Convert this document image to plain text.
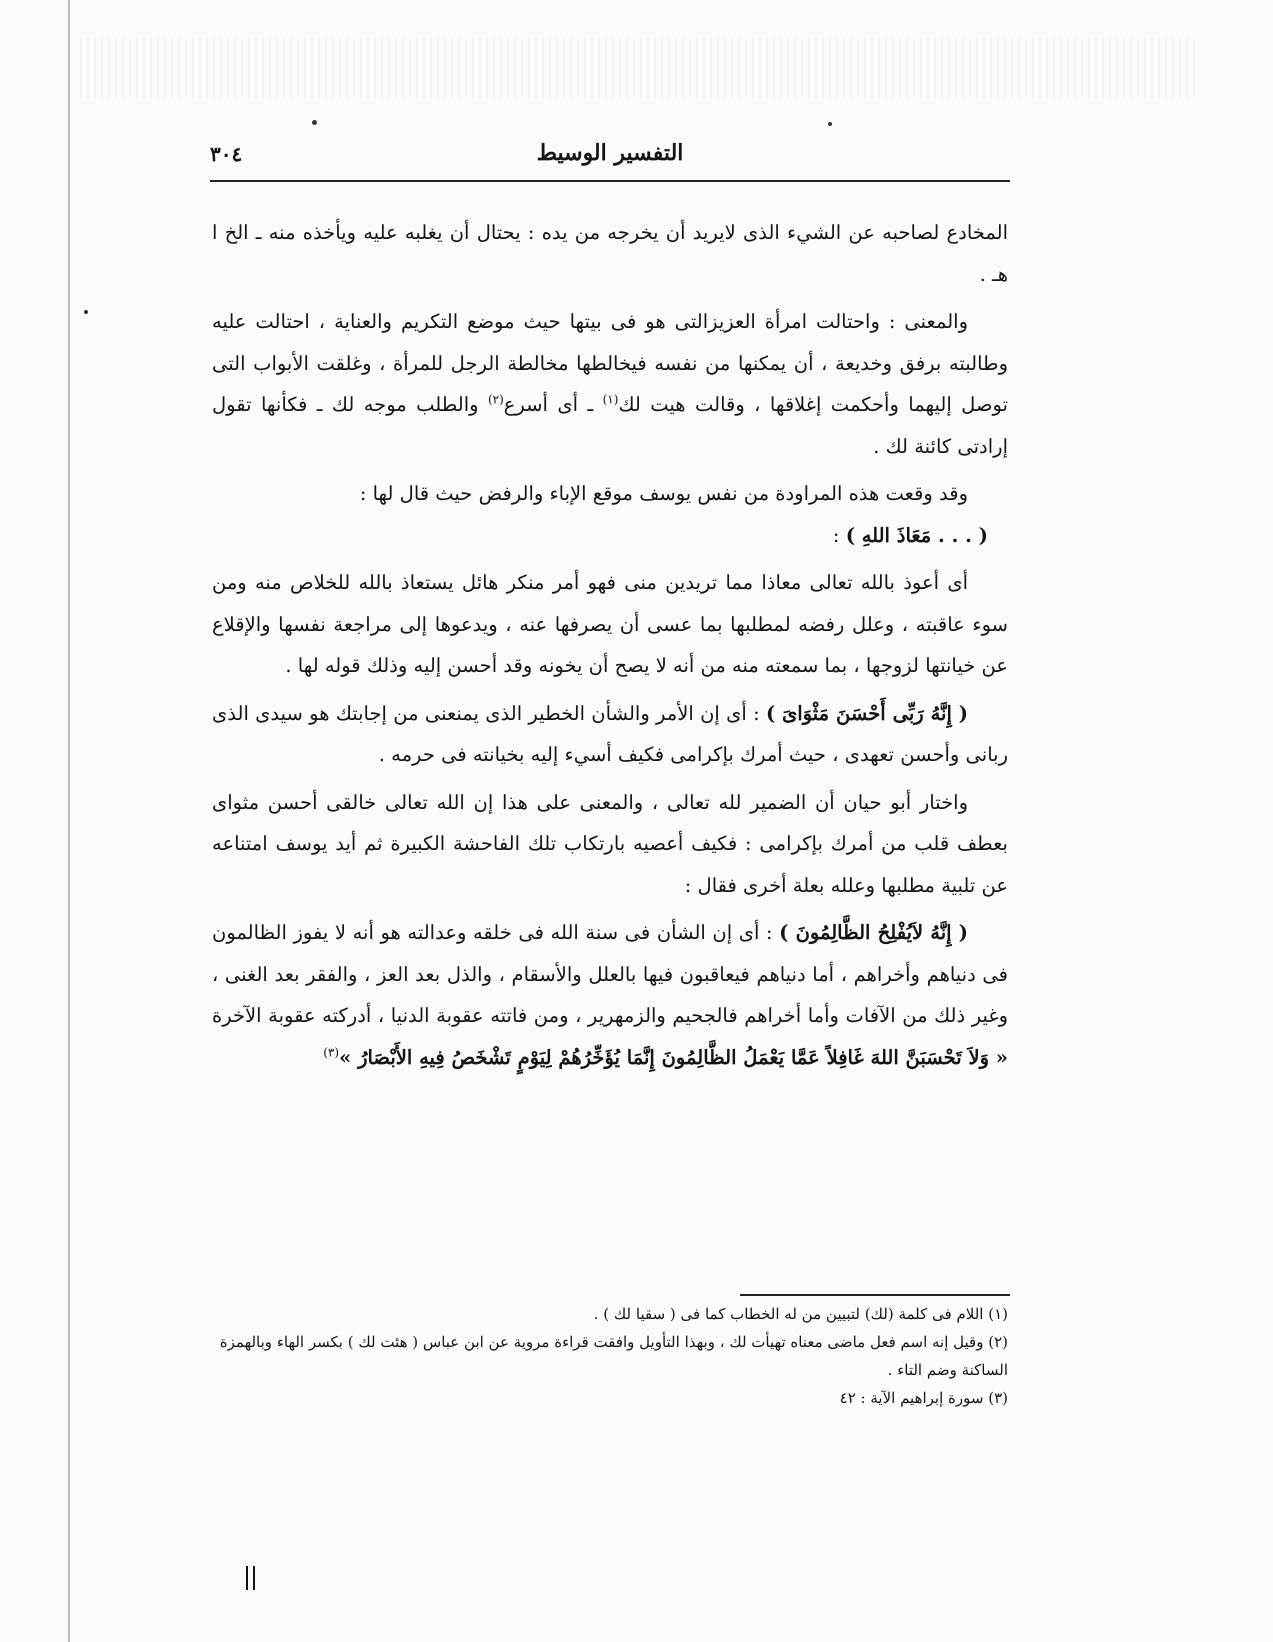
٣٠٤	التفسير الوسيط

المخادع لصاحبه عن الشيء الذى لايريد أن يخرجه من يده : يحتال أن يغلبه عليه ويأخذه منه ـ الخ ا هـ .

والمعنى : واحتالت امرأة العزيزالتى هو فى بيتها حيث موضع التكريم والعناية ، احتالت عليه وطالبته برفق وخديعة ، أن يمكنها من نفسه فيخالطها مخالطة الرجل للمرأة ، وغلقت الأبواب التى توصل إليهما وأحكمت إغلاقها ، وقالت هيت لك$^{(١)}$ ـ أى أسرع$^{(٢)}$ والطلب موجه لك ـ فكأنها تقول إرادتى كائنة لك .

وقد وقعت هذه المراودة من نفس يوسف موقع الإباء والرفض حيث قال لها :

( . . . مَعَاذَ اللهِ ) :

أى أعوذ بالله تعالى معاذا مما تريدين منى فهو أمر منكر هائل يستعاذ بالله للخلاص منه ومن سوء عاقبته ، وعلل رفضه لمطلبها بما عسى أن يصرفها عنه ، ويدعوها إلى مراجعة نفسها والإقلاع عن خيانتها لزوجها ، بما سمعته منه من أنه لا يصح أن يخونه وقد أحسن إليه وذلك قوله لها .

( إِنَّهُ رَبِّى أَحْسَنَ مَثْوَاىَ ) : أى إن الأمر والشأن الخطير الذى يمنعنى من إجابتك هو سيدى الذى ربانى وأحسن تعهدى ، حيث أمرك بإكرامى فكيف أسيء إليه بخيانته فى حرمه .

واختار أبو حيان أن الضمير لله تعالى ، والمعنى على هذا إن الله تعالى خالقى أحسن مثواى بعطف قلب من أمرك بإكرامى : فكيف أعصيه بارتكاب تلك الفاحشة الكبيرة ثم أيد يوسف امتناعه عن تلبية مطلبها وعلله بعلة أخرى فقال :

( إِنَّهُ لاَيُفْلِحُ الظَّالِمُونَ ) : أى إن الشأن فى سنة الله فى خلقه وعدالته هو أنه لا يفوز الظالمون فى دنياهم وأخراهم ، أما دنياهم فيعاقبون فيها بالعلل والأسقام ، والذل بعد العز ، والفقر بعد الغنى ، وغير ذلك من الآفات وأما أخراهم فالجحيم والزمهرير ، ومن فاتته عقوبة الدنيا ، أدركته عقوبة الآخرة « وَلاَ تَحْسَبَنَّ اللهَ غَافِلاً عَمَّا يَعْمَلُ الظَّالِمُونَ إِنَّمَا يُؤَخِّرُهُمْ لِيَوْمٍ تَشْخَصُ فِيهِ الأَبْصَارُ »$^{(٣)}$

(١) اللام فى كلمة (لك) لتبيين من له الخطاب كما فى ( سقيا لك ) .

(٢) وقيل إنه اسم فعل ماضى معناه تهيأت لك ، وبهذا التأويل وافقت قراءة مروية عن ابن عباس ( هئت لك ) بكسر الهاء وبالهمزة الساكنة وضم التاء .

(٣) سورة إبراهيم الآية : ٤٢
